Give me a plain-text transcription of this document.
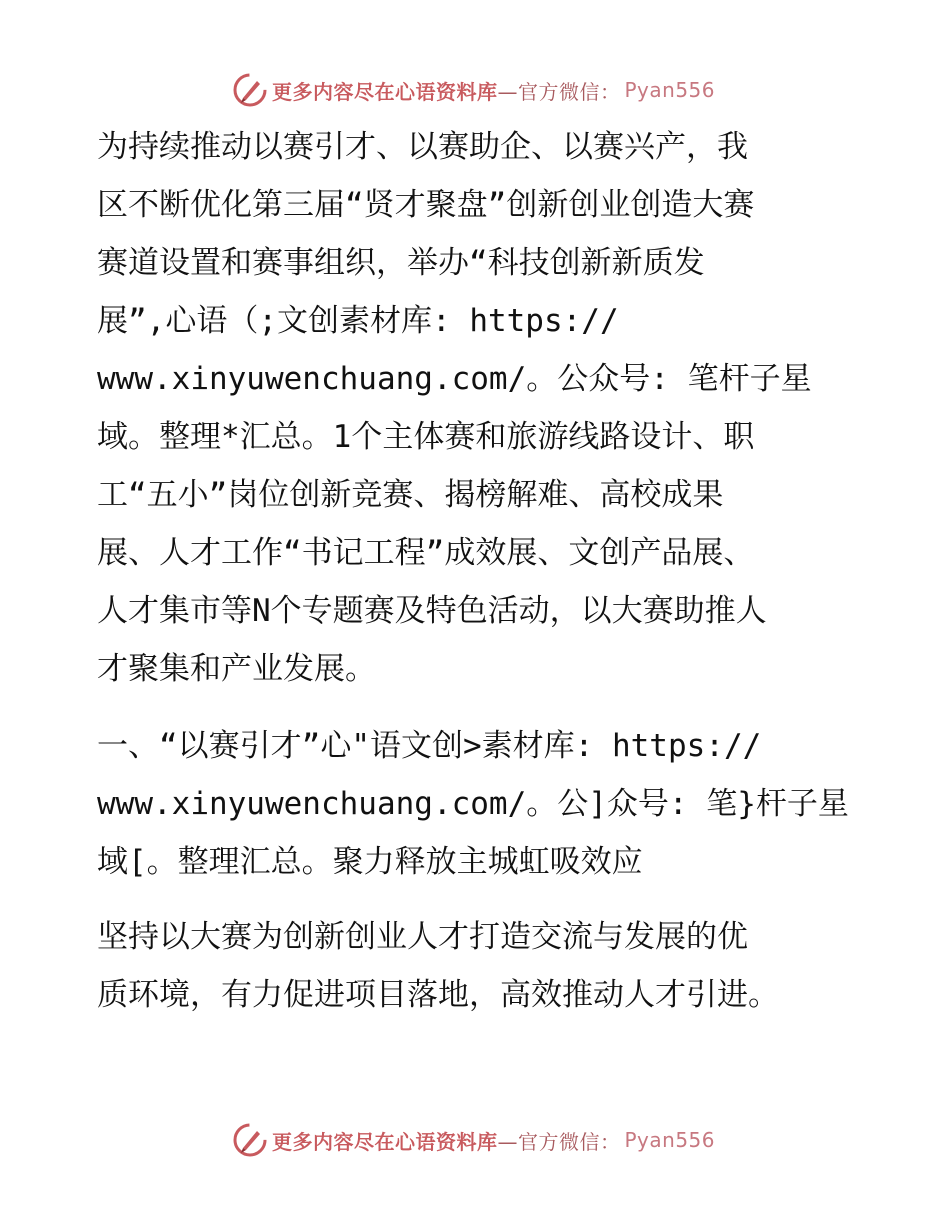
更多内容尽在心语资料库 —官方微信： Pyan556
为持续推动以赛引才、以赛助企、以赛兴产，我
区不断优化第三届“贤才聚盘”创新创业创造大赛
赛道设置和赛事组织，举办“科技创新新质发
展”,心语（;文创素材库: https://
www.xinyuwenchuang.com/。公众号: 笔杆子星
域。整理*汇总。1个主体赛和旅游线路设计、职
工“五小”岗位创新竞赛、揭榜解难、高校成果
展、人才工作“书记工程”成效展、文创产品展、
人才集市等N个专题赛及特色活动，以大赛助推人
才聚集和产业发展。
一、“以赛引才”心"语文创>素材库: https://
www.xinyuwenchuang.com/。公]众号: 笔}杆子星
域[。整理汇总。聚力释放主城虹吸效应
坚持以大赛为创新创业人才打造交流与发展的优
质环境，有力促进项目落地，高效推动人才引进。
更多内容尽在心语资料库 —官方微信： Pyan556
